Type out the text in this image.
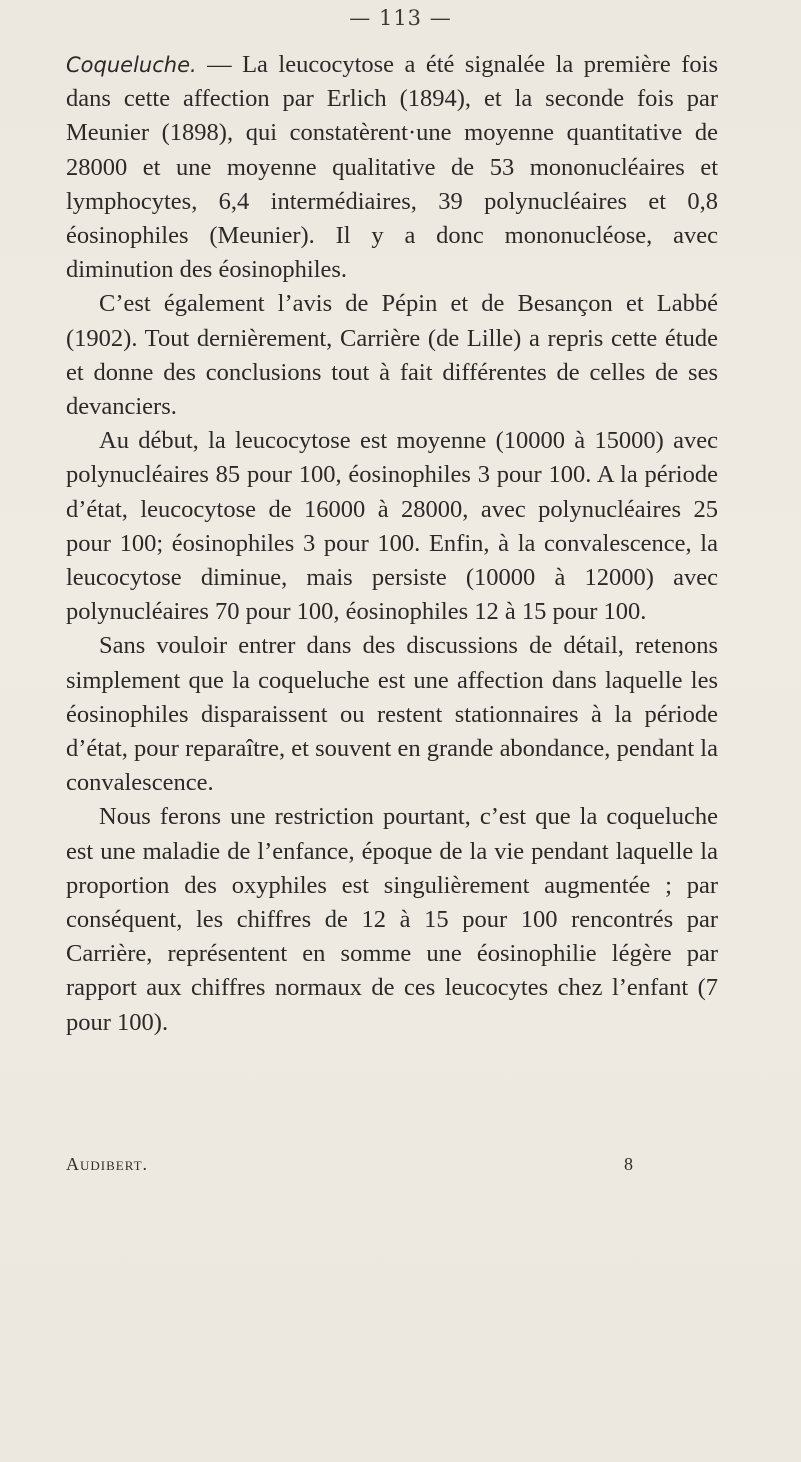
— 113 —

Coqueluche. — La leucocytose a été signalée la première fois dans cette affection par Erlich (1894), et la seconde fois par Meunier (1898), qui constatèrent·une moyenne quantitative de 28000 et une moyenne qualitative de 53 mononucléaires et lymphocytes, 6,4 intermédiaires, 39 polynucléaires et 0,8 éosinophiles (Meunier). Il y a donc mononucléose, avec diminution des éosinophiles.

C’est également l’avis de Pépin et de Besançon et Labbé (1902). Tout dernièrement, Carrière (de Lille) a repris cette étude et donne des conclusions tout à fait différentes de celles de ses devanciers.

Au début, la leucocytose est moyenne (10000 à 15000) avec polynucléaires 85 pour 100, éosinophiles 3 pour 100. A la période d’état, leucocytose de 16000 à 28000, avec polynucléaires 25 pour 100; éosinophiles 3 pour 100. Enfin, à la convalescence, la leucocytose diminue, mais persiste (10000 à 12000) avec polynucléaires 70 pour 100, éosinophiles 12 à 15 pour 100.

Sans vouloir entrer dans des discussions de détail, retenons simplement que la coqueluche est une affection dans laquelle les éosinophiles disparaissent ou restent stationnaires à la période d’état, pour reparaître, et souvent en grande abondance, pendant la convalescence.

Nous ferons une restriction pourtant, c’est que la coqueluche est une maladie de l’enfance, époque de la vie pendant laquelle la proportion des oxyphiles est singulièrement augmentée ; par conséquent, les chiffres de 12 à 15 pour 100 rencontrés par Carrière, représentent en somme une éosinophilie légère par rapport aux chiffres normaux de ces leucocytes chez l’enfant (7 pour 100).

Audibert.	8
